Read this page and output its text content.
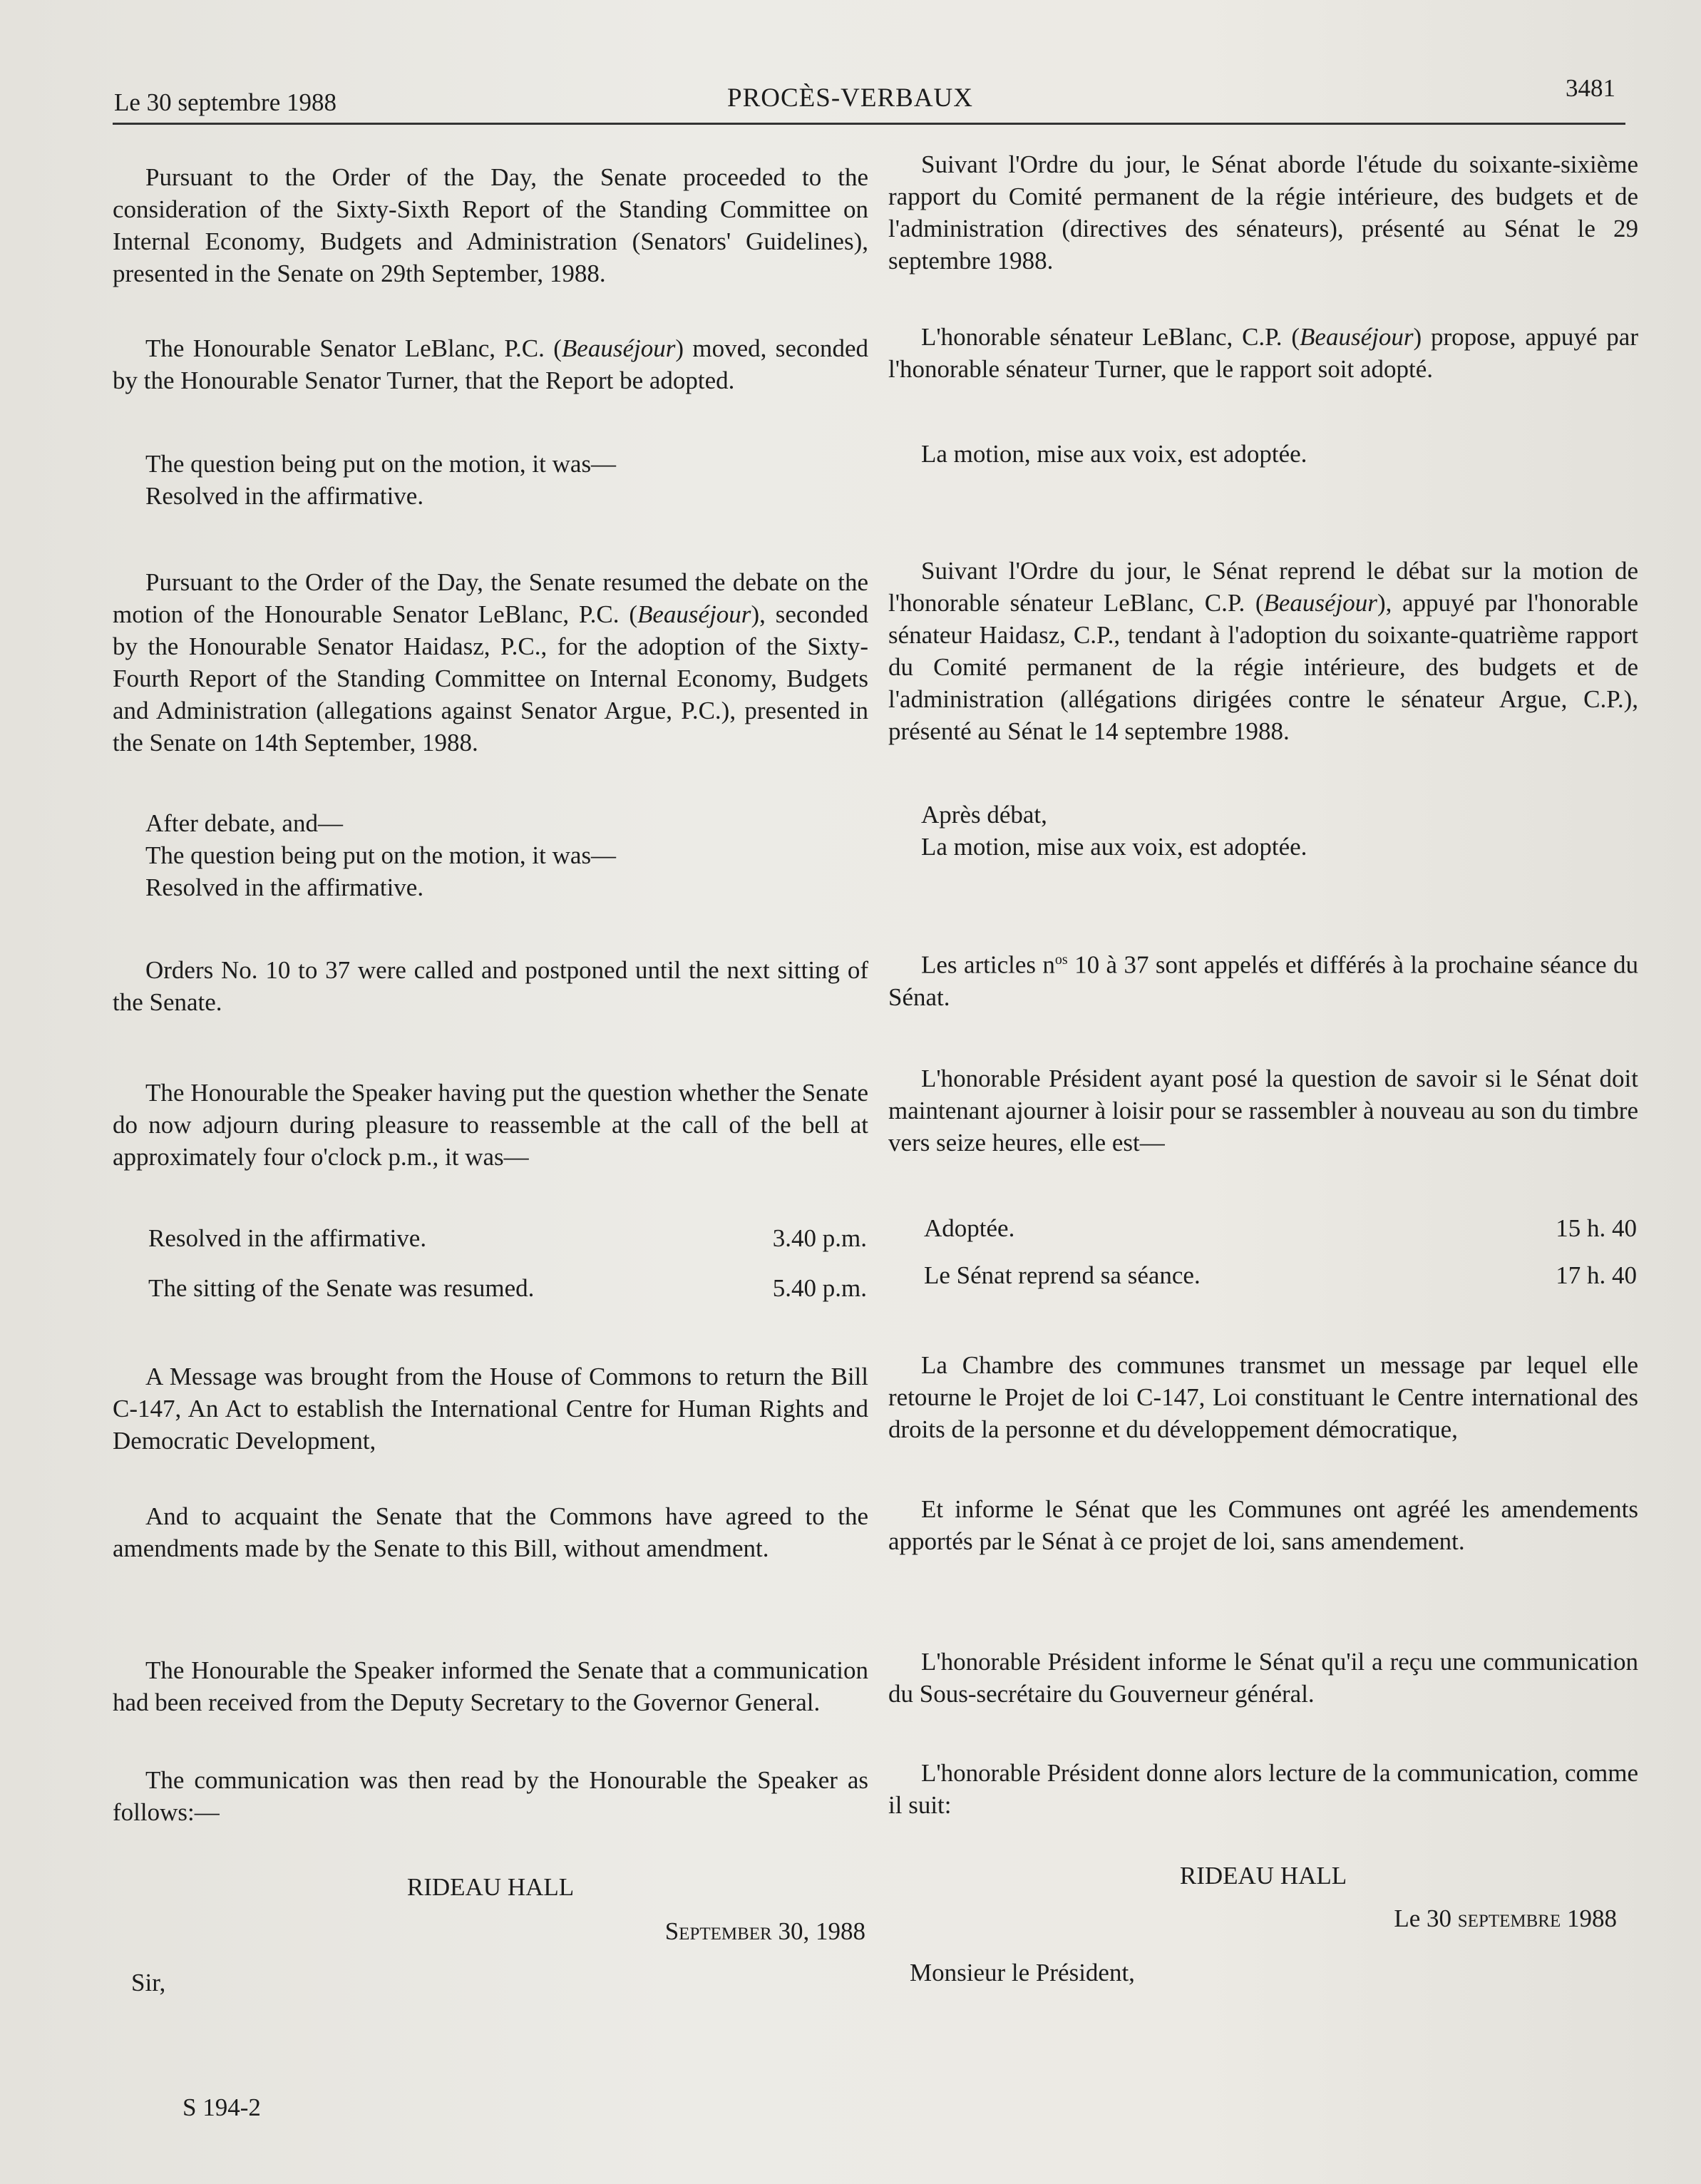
Le 30 septembre 1988	PROCÈS-VERBAUX	3481

Pursuant to the Order of the Day, the Senate proceeded to the consideration of the Sixty-Sixth Report of the Standing Committee on Internal Economy, Budgets and Administration (Senators' Guidelines), presented in the Senate on 29th September, 1988.

The Honourable Senator LeBlanc, P.C. (Beauséjour) moved, seconded by the Honourable Senator Turner, that the Report be adopted.

The question being put on the motion, it was—

Resolved in the affirmative.

Pursuant to the Order of the Day, the Senate resumed the debate on the motion of the Honourable Senator LeBlanc, P.C. (Beauséjour), seconded by the Honourable Senator Haidasz, P.C., for the adoption of the Sixty-Fourth Report of the Standing Committee on Internal Economy, Budgets and Administration (allegations against Senator Argue, P.C.), presented in the Senate on 14th September, 1988.

After debate, and—

The question being put on the motion, it was—

Resolved in the affirmative.

Orders No. 10 to 37 were called and postponed until the next sitting of the Senate.

The Honourable the Speaker having put the question whether the Senate do now adjourn during pleasure to reassemble at the call of the bell at approximately four o'clock p.m., it was—

Resolved in the affirmative.	3.40 p.m.
The sitting of the Senate was resumed.	5.40 p.m.

A Message was brought from the House of Commons to return the Bill C-147, An Act to establish the International Centre for Human Rights and Democratic Development,

And to acquaint the Senate that the Commons have agreed to the amendments made by the Senate to this Bill, without amendment.

The Honourable the Speaker informed the Senate that a communication had been received from the Deputy Secretary to the Governor General.

The communication was then read by the Honourable the Speaker as follows:—

RIDEAU HALL

September 30, 1988

Sir,

Suivant l'Ordre du jour, le Sénat aborde l'étude du soixante-sixième rapport du Comité permanent de la régie intérieure, des budgets et de l'administration (directives des sénateurs), présenté au Sénat le 29 septembre 1988.

L'honorable sénateur LeBlanc, C.P. (Beauséjour) propose, appuyé par l'honorable sénateur Turner, que le rapport soit adopté.

La motion, mise aux voix, est adoptée.

Suivant l'Ordre du jour, le Sénat reprend le débat sur la motion de l'honorable sénateur LeBlanc, C.P. (Beauséjour), appuyé par l'honorable sénateur Haidasz, C.P., tendant à l'adoption du soixante-quatrième rapport du Comité permanent de la régie intérieure, des budgets et de l'administration (allégations dirigées contre le sénateur Argue, C.P.), présenté au Sénat le 14 septembre 1988.

Après débat,

La motion, mise aux voix, est adoptée.

Les articles $n^{os}$ 10 à 37 sont appelés et différés à la prochaine séance du Sénat.

L'honorable Président ayant posé la question de savoir si le Sénat doit maintenant ajourner à loisir pour se rassembler à nouveau au son du timbre vers seize heures, elle est—

Adoptée.	15 h. 40
Le Sénat reprend sa séance.	17 h. 40

La Chambre des communes transmet un message par lequel elle retourne le Projet de loi C-147, Loi constituant le Centre international des droits de la personne et du développement démocratique,

Et informe le Sénat que les Communes ont agréé les amendements apportés par le Sénat à ce projet de loi, sans amendement.

L'honorable Président informe le Sénat qu'il a reçu une communication du Sous-secrétaire du Gouverneur général.

L'honorable Président donne alors lecture de la communication, comme il suit:

RIDEAU HALL

Le 30 septembre 1988

Monsieur le Président,

S 194-2
